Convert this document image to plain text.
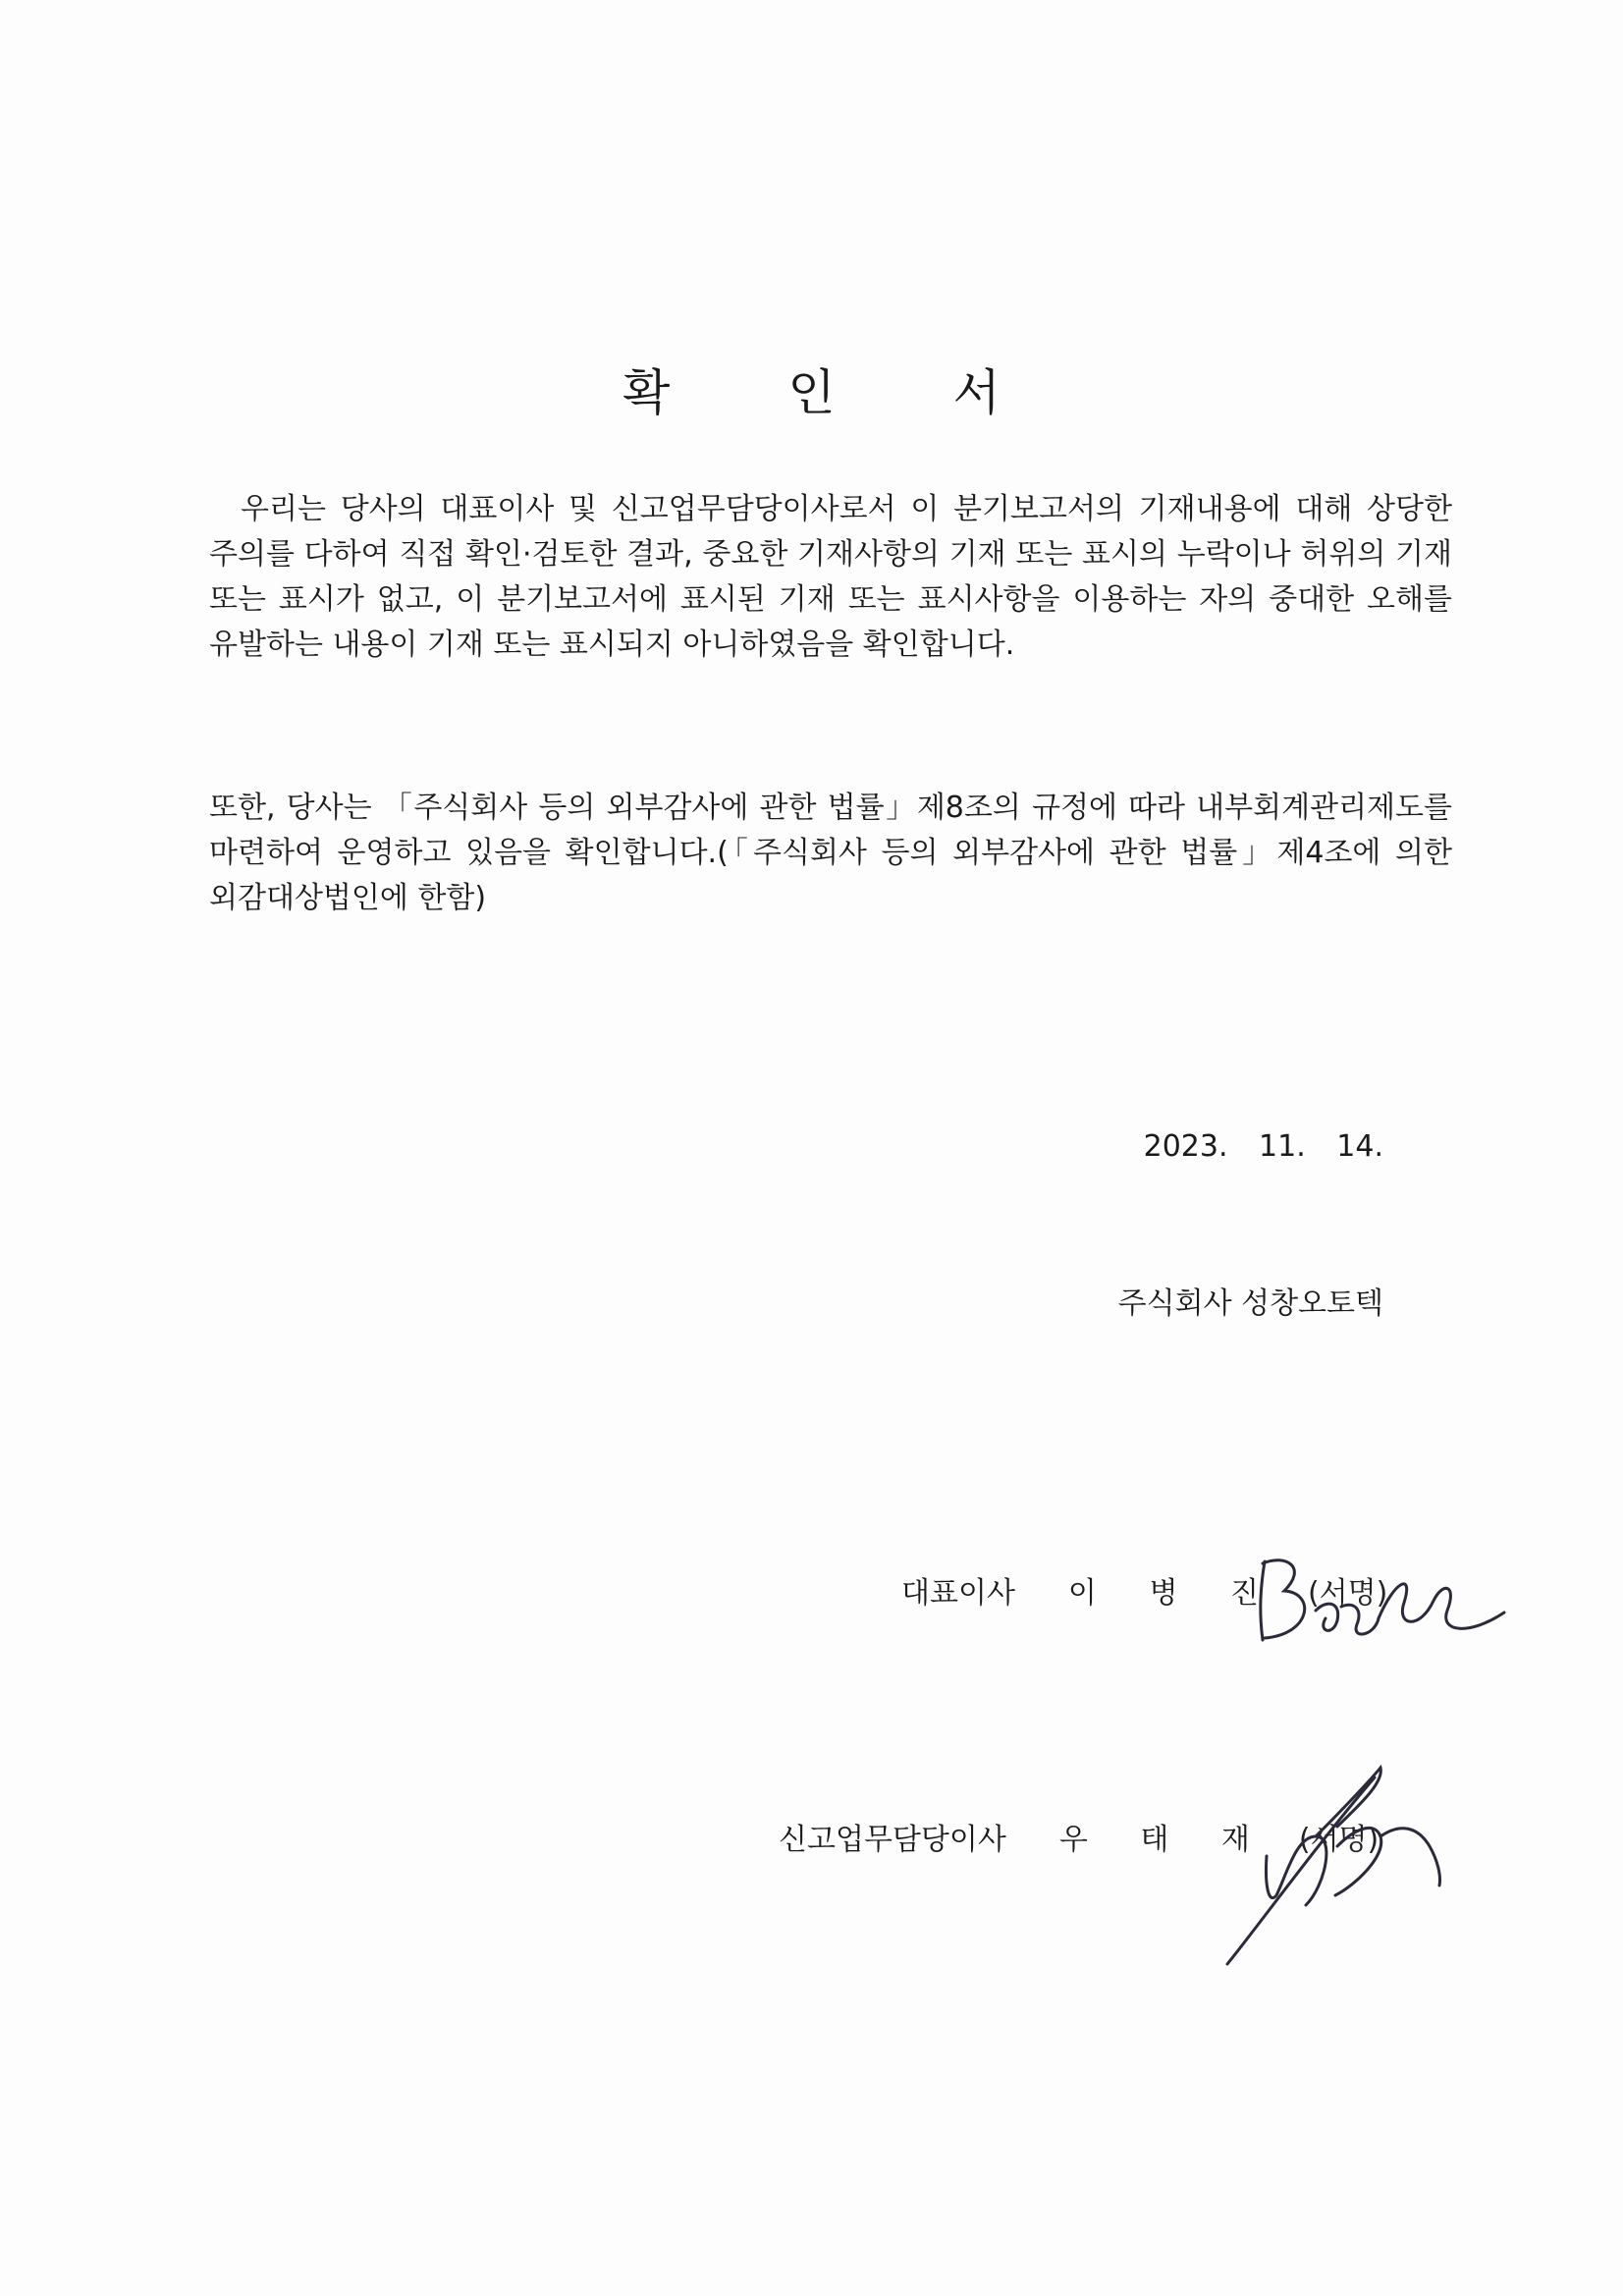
확 인 서

우리는 당사의 대표이사 및 신고업무담당이사로서 이 분기보고서의 기재내용에 대해 상당한 주의를 다하여 직접 확인·검토한 결과, 중요한 기재사항의 기재 또는 표시의 누락이나 허위의 기재 또는 표시가 없고, 이 분기보고서에 표시된 기재 또는 표시사항을 이용하는 자의 중대한 오해를 유발하는 내용이 기재 또는 표시되지 아니하였음을 확인합니다.

또한, 당사는 「주식회사 등의 외부감사에 관한 법률」제8조의 규정에 따라 내부회계관리제도를 마련하여 운영하고 있음을 확인합니다.(「주식회사 등의 외부감사에 관한 법률」제4조에 의한 외감대상법인에 한함)

2023. 11. 14.

주식회사 성창오토텍

대표이사 이 병 진 (서명)
신고업무담당이사 우 태 재 (서명)
